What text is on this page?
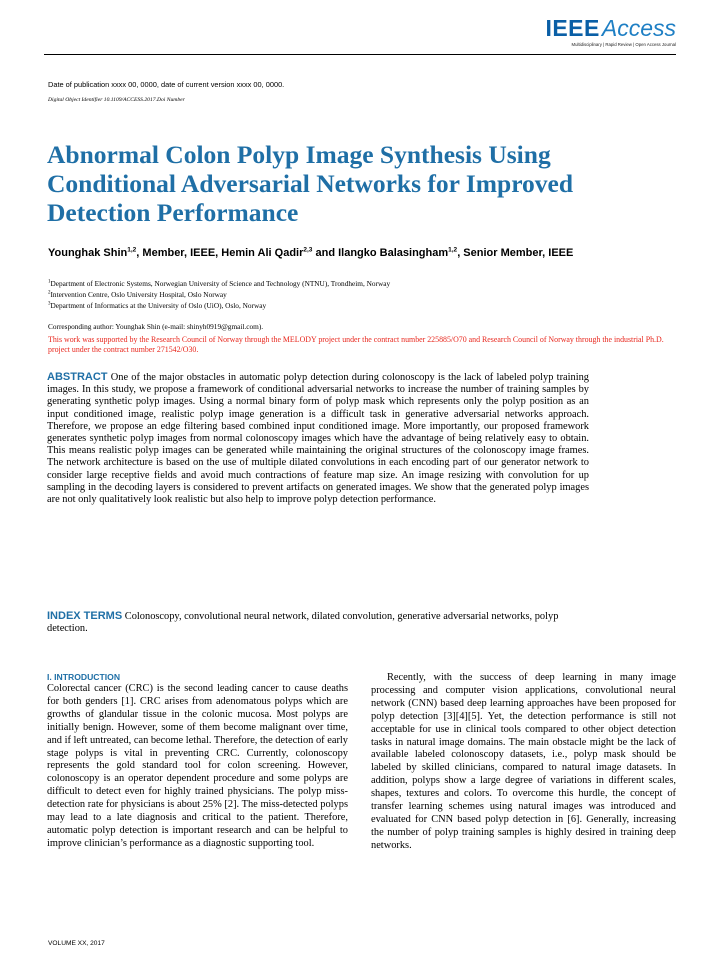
IEEEAccess
Multidisciplinary | Rapid Review | Open Access Journal
Date of publication xxxx 00, 0000, date of current version xxxx 00, 0000.
Digital Object Identifier 10.1109/ACCESS.2017.Doi Number
Abnormal Colon Polyp Image Synthesis Using Conditional Adversarial Networks for Improved Detection Performance
Younghak Shin$^{1,2}$, Member, IEEE, Hemin Ali Qadir$^{2,3}$ and Ilangko Balasingham$^{1,2}$, Senior Member, IEEE
$^1$Department of Electronic Systems, Norwegian University of Science and Technology (NTNU), Trondheim, Norway
$^2$Intervention Centre, Oslo University Hospital, Oslo Norway
$^3$Department of Informatics at the University of Oslo (UiO), Oslo, Norway
Corresponding author: Younghak Shin (e-mail: shinyh0919@gmail.com).
This work was supported by the Research Council of Norway through the MELODY project under the contract number 225885/O70 and Research Council of Norway through the industrial Ph.D. project under the contract number 271542/O30.

ABSTRACT One of the major obstacles in automatic polyp detection during colonoscopy is the lack of labeled polyp training images. In this study, we propose a framework of conditional adversarial networks to increase the number of training samples by generating synthetic polyp images. Using a normal binary form of polyp mask which represents only the polyp position as an input conditioned image, realistic polyp image generation is a difficult task in generative adversarial networks approach. Therefore, we propose an edge filtering based combined input conditioned image. More importantly, our proposed framework generates synthetic polyp images from normal colonoscopy images which have the advantage of being relatively easy to obtain. This means realistic polyp images can be generated while maintaining the original structures of the colonoscopy image frames. The network architecture is based on the use of multiple dilated convolutions in each encoding part of our generator network to consider large receptive fields and avoid much contractions of feature map size. An image resizing with convolution for up sampling in the decoding layers is considered to prevent artifacts on generated images. We show that the generated polyp images are not only qualitatively look realistic but also help to improve polyp detection performance.

INDEX TERMS Colonoscopy, convolutional neural network, dilated convolution, generative adversarial networks, polyp detection.

I. INTRODUCTION
Colorectal cancer (CRC) is the second leading cancer to cause deaths for both genders [1]. CRC arises from adenomatous polyps which are growths of glandular tissue in the colonic mucosa. Most polyps are initially benign. However, some of them become malignant over time, and if left untreated, can become lethal. Therefore, the detection of early stage polyps is vital in preventing CRC. Currently, colonoscopy represents the gold standard tool for colon screening. However, colonoscopy is an operator dependent procedure and some polyps are difficult to detect even for highly trained physicians. The polyp miss-detection rate for physicians is about 25% [2]. The miss-detected polyps may lead to a late diagnosis and critical to the patient. Therefore, automatic polyp detection is important research and can be helpful to improve clinician’s performance as a diagnostic supporting tool.

Recently, with the success of deep learning in many image processing and computer vision applications, convolutional neural network (CNN) based deep learning approaches have been proposed for polyp detection [3][4][5]. Yet, the detection performance is still not acceptable for use in clinical tools compared to other object detection tasks in natural image domains. The main obstacle might be the lack of available labeled colonoscopy datasets, i.e., polyp mask should be labeled by skilled clinicians, compared to natural image datasets. In addition, polyps show a large degree of variations in different scales, shapes, textures and colors. To overcome this hurdle, the concept of transfer learning schemes using natural images was introduced and evaluated for CNN based polyp detection in [6]. Generally, increasing the number of polyp training samples is highly desired in training deep networks.

VOLUME XX, 2017
